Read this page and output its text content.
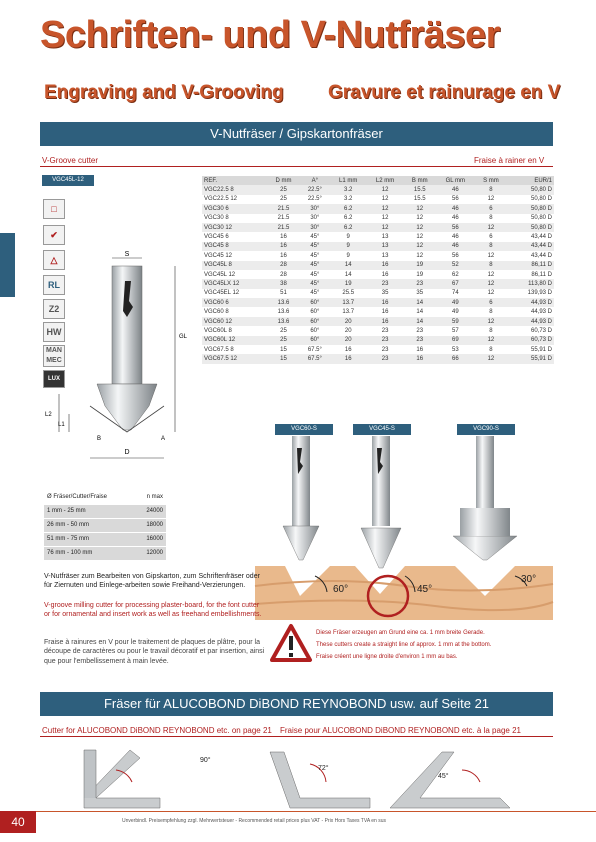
Schriften- und V-Nutfräser
Engraving and V-Grooving Gravure et rainurage en V
V-Nutfräser / Gipskartonfräser
V-Groove cutter	Fraise à rainer en V
VGC45L-12
□
✔
△
RL
Z2
HW
MAN MEC
LUX
S
GL
L2
L1
B	A
D
REF.	D mm	A°	L1 mm	L2 mm	B mm	GL mm	S mm	EUR/1
VGC22.5 8	25	22.5°	3.2	12	15.5	46	8	50,80 D
VGC22.5 12	25	22.5°	3.2	12	15.5	56	12	50,80 D
VGC30 6	21.5	30°	6.2	12	12	46	6	50,80 D
VGC30 8	21.5	30°	6.2	12	12	46	8	50,80 D
VGC30 12	21.5	30°	6.2	12	12	56	12	50,80 D
VGC45 6	16	45°	9	13	12	46	6	43,44 D
VGC45 8	16	45°	9	13	12	46	8	43,44 D
VGC45 12	16	45°	9	13	12	56	12	43,44 D
VGC45L 8	28	45°	14	16	19	52	8	86,11 D
VGC45L 12	28	45°	14	16	19	62	12	86,11 D
VGC45LX 12	38	45°	19	23	23	67	12	113,80 D
VGC45EL 12	51	45°	25.5	35	35	74	12	139,93 D
VGC60 6	13.6	60°	13.7	16	14	49	6	44,93 D
VGC60 8	13.6	60°	13.7	16	14	49	8	44,93 D
VGC60 12	13.6	60°	20	16	14	59	12	44,93 D
VGC60L 8	25	60°	20	23	23	57	8	60,73 D
VGC60L 12	25	60°	20	23	23	69	12	60,73 D
VGC67.5 8	15	67.5°	16	23	16	53	8	55,91 D
VGC67.5 12	15	67.5°	16	23	16	66	12	55,91 D
Ø Fräser/Cutter/Fraise	n max
1 mm - 25 mm	24000
26 mm - 50 mm	18000
51 mm - 75 mm	16000
76 mm - 100 mm	12000
VGC60-S	VGC45-S	VGC90-S
60°	45°
30°
V-Nutfräser zum Bearbeiten von Gipskarton, zum Schriftenfräser oder für Ziernuten und Einlege-arbeiten sowie Freihand-Verzierungen.
V-groove milling cutter for processing plaster-board, for the font cutter or for ornamental and insert work as well as freehand embellishments.
Fraise à rainures en V pour le traitement de plaques de plâtre, pour la découpe de caractères ou pour le travail décoratif et par insertion, ainsi que pour l'embellissement à main levée.
Diese Fräser erzeugen am Grund eine ca. 1 mm breite Gerade.
These cutters create a straight line of approx. 1 mm at the bottom.
Fraise créent une ligne droite d'environ 1 mm au bas.
Fräser für ALUCOBOND DiBOND REYNOBOND usw. auf Seite 21
Cutter for ALUCOBOND DiBOND REYNOBOND etc. on page 21 Fraise pour ALUCOBOND DiBOND REYNOBOND etc. à la page 21
90°
72°
45°
40	Unverbindl. Preisempfehlung zzgl. Mehrwertsteuer - Recommended retail prices plus VAT - Prix Hors Taxes TVA en sus
